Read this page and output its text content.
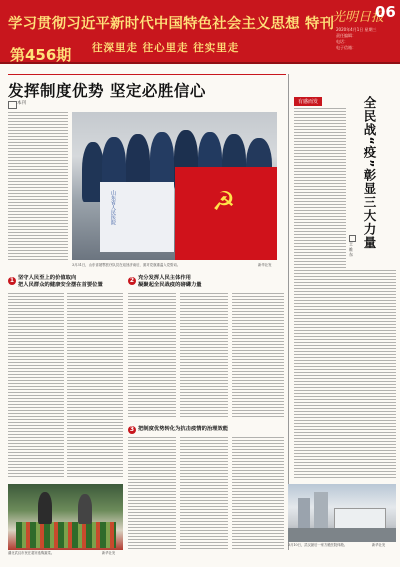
学习贯彻习近平新时代中国特色社会主义思想 特刊
第456期 往深里走 往心里走 往实里走
光明日报
06
2020年4月1日 星期三
责任编辑：
电话：
电子信箱：
发挥制度优势 坚定必胜信心
本刊
山东省人民医院	☭
3月31日，山东省援鄂医疗队员在返回济南后，面对党旗重温入党誓词。	新华社发
有感而发	全民战“疫”彰显三大力量
王 维 东
1 坚守人民至上的价值取向
把人民群众的健康安全摆在首要位置
2 充分发挥人民主体作用
凝聚起全民战疫的磅礴力量
3 把制度优势转化为抗击疫情的治理效能
湖北武汉市民在超市选购蔬菜。	新华社发
3月10日，武汉最后一家方舱医院休舱。	新华社发
